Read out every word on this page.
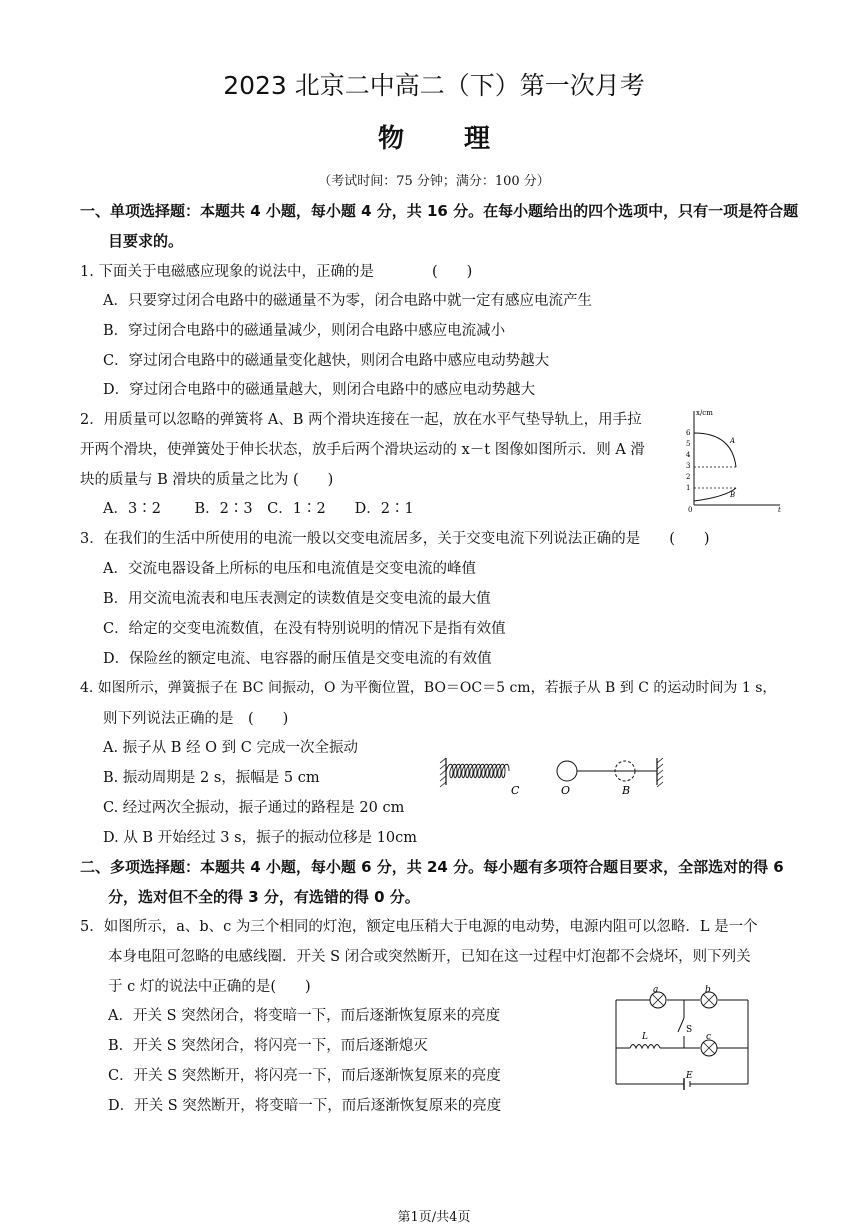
2023 北京二中高二（下）第一次月考
物理
（考试时间：75 分钟；满分：100 分）
一、单项选择题：本题共 4 小题，每小题 4 分，共 16 分。在每小题给出的四个选项中，只有一项是符合题
目要求的。
1. 下面关于电磁感应现象的说法中，正确的是　　　　(　　)
A．只要穿过闭合电路中的磁通量不为零，闭合电路中就一定有感应电流产生
B．穿过闭合电路中的磁通量减少，则闭合电路中感应电流减小
C．穿过闭合电路中的磁通量变化越快，则闭合电路中感应电动势越大
D．穿过闭合电路中的磁通量越大，则闭合电路中的感应电动势越大
2．用质量可以忽略的弹簧将 A、B 两个滑块连接在一起，放在水平气垫导轨上，用手拉
开两个滑块，使弹簧处于伸长状态，放手后两个滑块运动的 x－t 图像如图所示．则 A 滑
块的质量与 B 滑块的质量之比为 (　　)
A．3∶2　　 B．2∶3　C．1∶2　　D．2∶1
x/cm
6
5
4
3
2
1
0	t
A
B
3．在我们的生活中所使用的电流一般以交变电流居多，关于交变电流下列说法正确的是　　(　　)
A．交流电器设备上所标的电压和电流值是交变电流的峰值
B．用交流电流表和电压表测定的读数值是交变电流的最大值
C．给定的交变电流数值，在没有特别说明的情况下是指有效值
D．保险丝的额定电流、电容器的耐压值是交变电流的有效值
4. 如图所示，弹簧振子在 BC 间振动，O 为平衡位置，BO＝OC＝5 cm，若振子从 B 到 C 的运动时间为 1 s，
则下列说法正确的是　(　　)
A. 振子从 B 经 O 到 C 完成一次全振动
B. 振动周期是 2 s，振幅是 5 cm
C. 经过两次全振动，振子通过的路程是 20 cm
D. 从 B 开始经过 3 s，振子的振动位移是 10cm
C	O	B
二、多项选择题：本题共 4 小题，每小题 6 分，共 24 分。每小题有多项符合题目要求，全部选对的得 6
分，选对但不全的得 3 分，有选错的得 0 分。
5．如图所示，a、b、c 为三个相同的灯泡，额定电压稍大于电源的电动势，电源内阻可以忽略．L 是一个
本身电阻可忽略的电感线圈．开关 S 闭合或突然断开，已知在这一过程中灯泡都不会烧坏，则下列关
于 c 灯的说法中正确的是(　　)
A．开关 S 突然闭合，将变暗一下，而后逐渐恢复原来的亮度
B．开关 S 突然闭合，将闪亮一下，而后逐渐熄灭
C．开关 S 突然断开，将闪亮一下，而后逐渐恢复原来的亮度
D．开关 S 突然断开，将变暗一下，而后逐渐恢复原来的亮度
a	b
c
S
L
E
第1页/共4页
